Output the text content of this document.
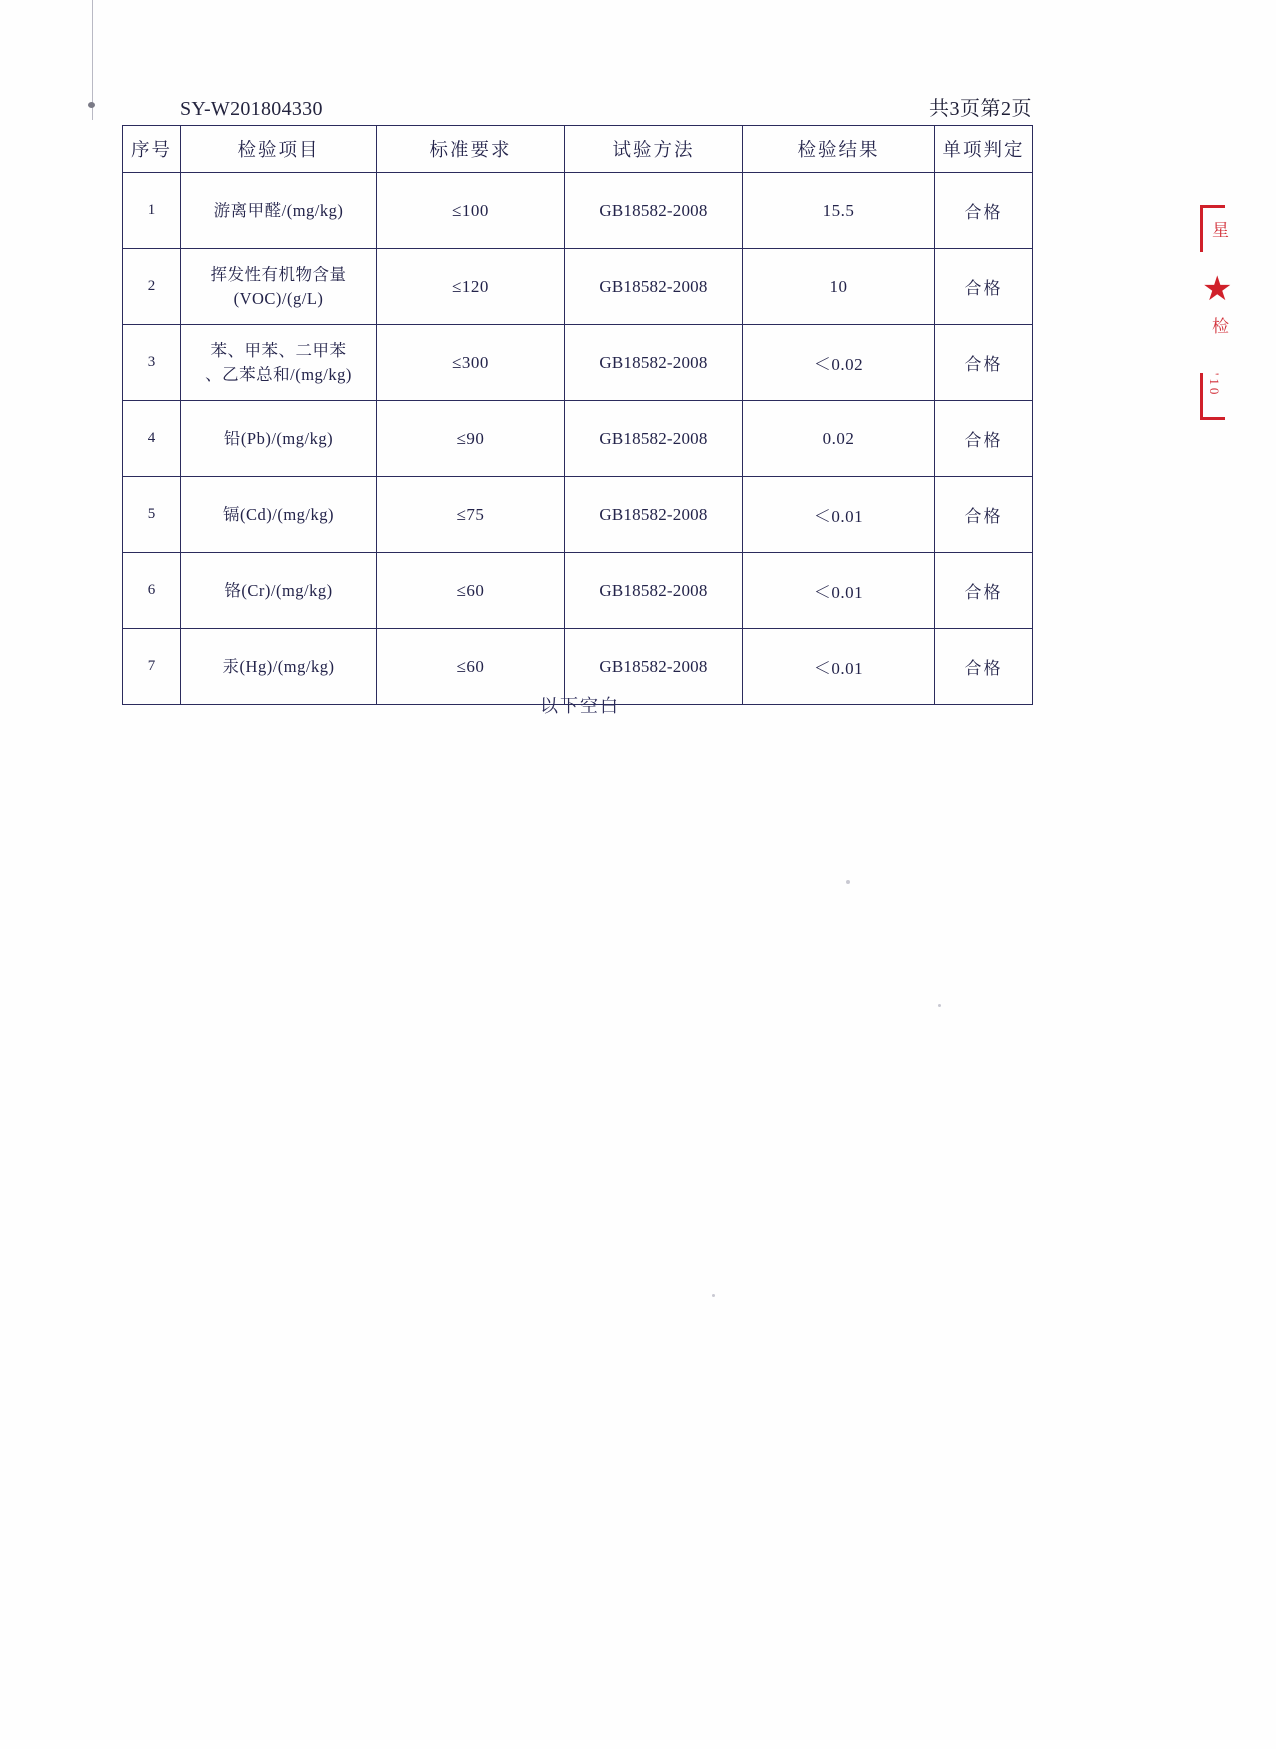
SY-W201804330	共3页第2页
序号	检验项目	标准要求	试验方法	检验结果	单项判定
1	游离甲醛/(mg/kg)	≤100	GB18582-2008	15.5	合格
2	挥发性有机物含量
(VOC)/(g/L)	≤120	GB18582-2008	10	合格
3	苯、甲苯、二甲苯
、乙苯总和/(mg/kg)	≤300	GB18582-2008	＜0.02	合格
4	铅(Pb)/(mg/kg)	≤90	GB18582-2008	0.02	合格
5	镉(Cd)/(mg/kg)	≤75	GB18582-2008	＜0.01	合格
6	铬(Cr)/(mg/kg)	≤60	GB18582-2008	＜0.01	合格
7	汞(Hg)/(mg/kg)	≤60	GB18582-2008	＜0.01	合格
以下空白
星
★
检
'10
